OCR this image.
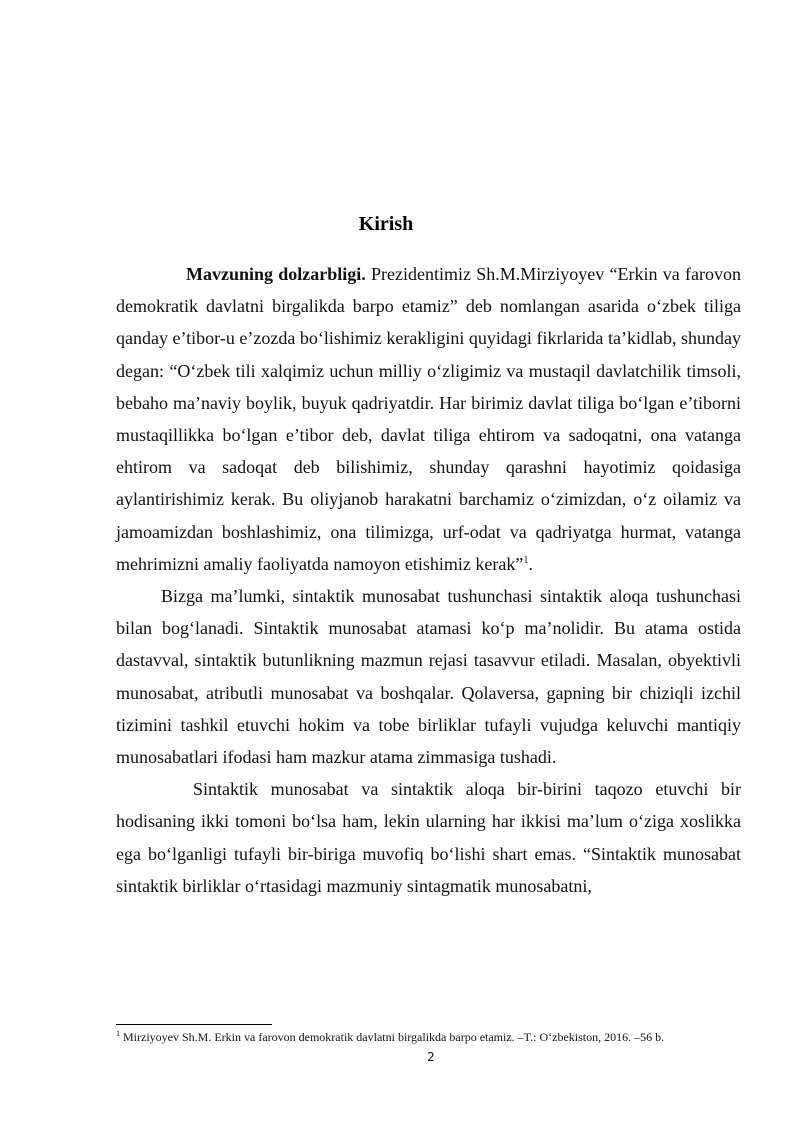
Kirish

Mavzuning dolzarbligi. Prezidentimiz Sh.M.Mirziyoyev “Erkin va farovon demokratik davlatni birgalikda barpo etamiz” deb nomlangan asarida o‘zbek tiliga qanday e’tibor-u e’zozda bo‘lishimiz kerakligini quyidagi fikrlarida ta’kidlab, shunday degan: “O‘zbek tili xalqimiz uchun milliy o‘zligimiz va mustaqil davlatchilik timsoli, bebaho ma’naviy boylik, buyuk qadriyatdir. Har birimiz davlat tiliga bo‘lgan e’tiborni mustaqillikka bo‘lgan e’tibor deb, davlat tiliga ehtirom va sadoqatni, ona vatanga ehtirom va sadoqat deb bilishimiz, shunday qarashni hayotimiz qoidasiga aylantirishimiz kerak. Bu oliyjanob harakatni barchamiz o‘zimizdan, o‘z oilamiz va jamoamizdan boshlashimiz, ona tilimizga, urf-odat va qadriyatga hurmat, vatanga mehrimizni amaliy faoliyatda namoyon etishimiz kerak”$^1$.

Bizga ma’lumki, sintaktik munosabat tushunchasi sintaktik aloqa tushunchasi bilan bog‘lanadi. Sintaktik munosabat atamasi ko‘p ma’nolidir. Bu atama ostida dastavval, sintaktik butunlikning mazmun rejasi tasavvur etiladi. Masalan, obyektivli munosabat, atributli munosabat va boshqalar. Qolaversa, gapning bir chiziqli izchil tizimini tashkil etuvchi hokim va tobe birliklar tufayli vujudga keluvchi mantiqiy munosabatlari ifodasi ham mazkur atama zimmasiga tushadi.

Sintaktik munosabat va sintaktik aloqa bir-birini taqozo etuvchi bir hodisaning ikki tomoni bo‘lsa ham, lekin ularning har ikkisi ma’lum o‘ziga xoslikka ega bo‘lganligi tufayli bir-biriga muvofiq bo‘lishi shart emas. “Sintaktik munosabat sintaktik birliklar o‘rtasidagi mazmuniy sintagmatik munosabatni,

$^1$ Mirziyoyev Sh.M. Erkin va farovon demokratik davlatni birgalikda barpo etamiz. –T.: O‘zbekiston, 2016. –56 b.
2
